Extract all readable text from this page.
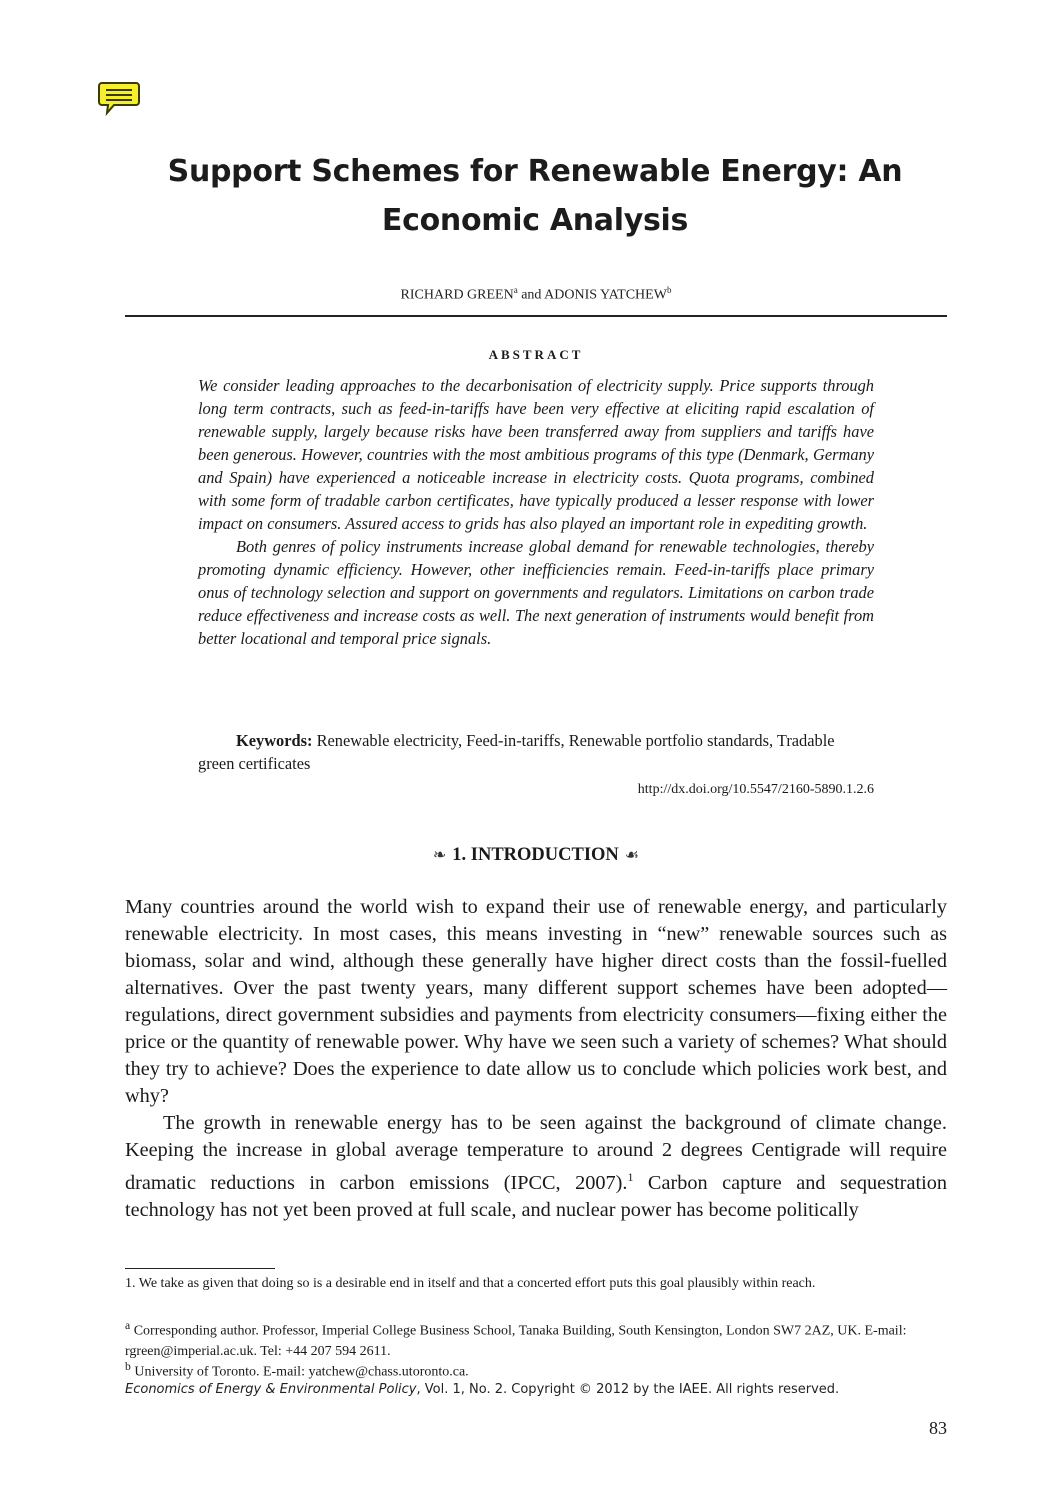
Support Schemes for Renewable Energy: An Economic Analysis
RICHARD GREEN$^a$ and ADONIS YATCHEW$^b$
ABSTRACT

We consider leading approaches to the decarbonisation of electricity supply. Price supports through long term contracts, such as feed-in-tariffs have been very effective at eliciting rapid escalation of renewable supply, largely because risks have been transferred away from suppliers and tariffs have been generous. However, countries with the most ambitious programs of this type (Denmark, Germany and Spain) have experienced a noticeable increase in electricity costs. Quota programs, combined with some form of tradable carbon certificates, have typically produced a lesser response with lower impact on consumers. Assured access to grids has also played an important role in expediting growth.

Both genres of policy instruments increase global demand for renewable technologies, thereby promoting dynamic efficiency. However, other inefficiencies remain. Feed-in-tariffs place primary onus of technology selection and support on governments and regulators. Limitations on carbon trade reduce effectiveness and increase costs as well. The next generation of instruments would benefit from better locational and temporal price signals.

Keywords: Renewable electricity, Feed-in-tariffs, Renewable portfolio standards, Tradable green certificates

http://dx.doi.org/10.5547/2160-5890.1.2.6
❧ 1. INTRODUCTION ☙

Many countries around the world wish to expand their use of renewable energy, and particularly renewable electricity. In most cases, this means investing in “new” renewable sources such as biomass, solar and wind, although these generally have higher direct costs than the fossil-fuelled alternatives. Over the past twenty years, many different support schemes have been adopted—regulations, direct government subsidies and payments from electricity consumers—fixing either the price or the quantity of renewable power. Why have we seen such a variety of schemes? What should they try to achieve? Does the experience to date allow us to conclude which policies work best, and why?

The growth in renewable energy has to be seen against the background of climate change. Keeping the increase in global average temperature to around 2 degrees Centigrade will require dramatic reductions in carbon emissions (IPCC, 2007).$^1$ Carbon capture and sequestration technology has not yet been proved at full scale, and nuclear power has become politically

1. We take as given that doing so is a desirable end in itself and that a concerted effort puts this goal plausibly within reach.
$^a$ Corresponding author. Professor, Imperial College Business School, Tanaka Building, South Kensington, London SW7 2AZ, UK. E-mail: rgreen@imperial.ac.uk. Tel: +44 207 594 2611.
$^b$ University of Toronto. E-mail: yatchew@chass.utoronto.ca.
Economics of Energy & Environmental Policy, Vol. 1, No. 2. Copyright © 2012 by the IAEE. All rights reserved.
83
